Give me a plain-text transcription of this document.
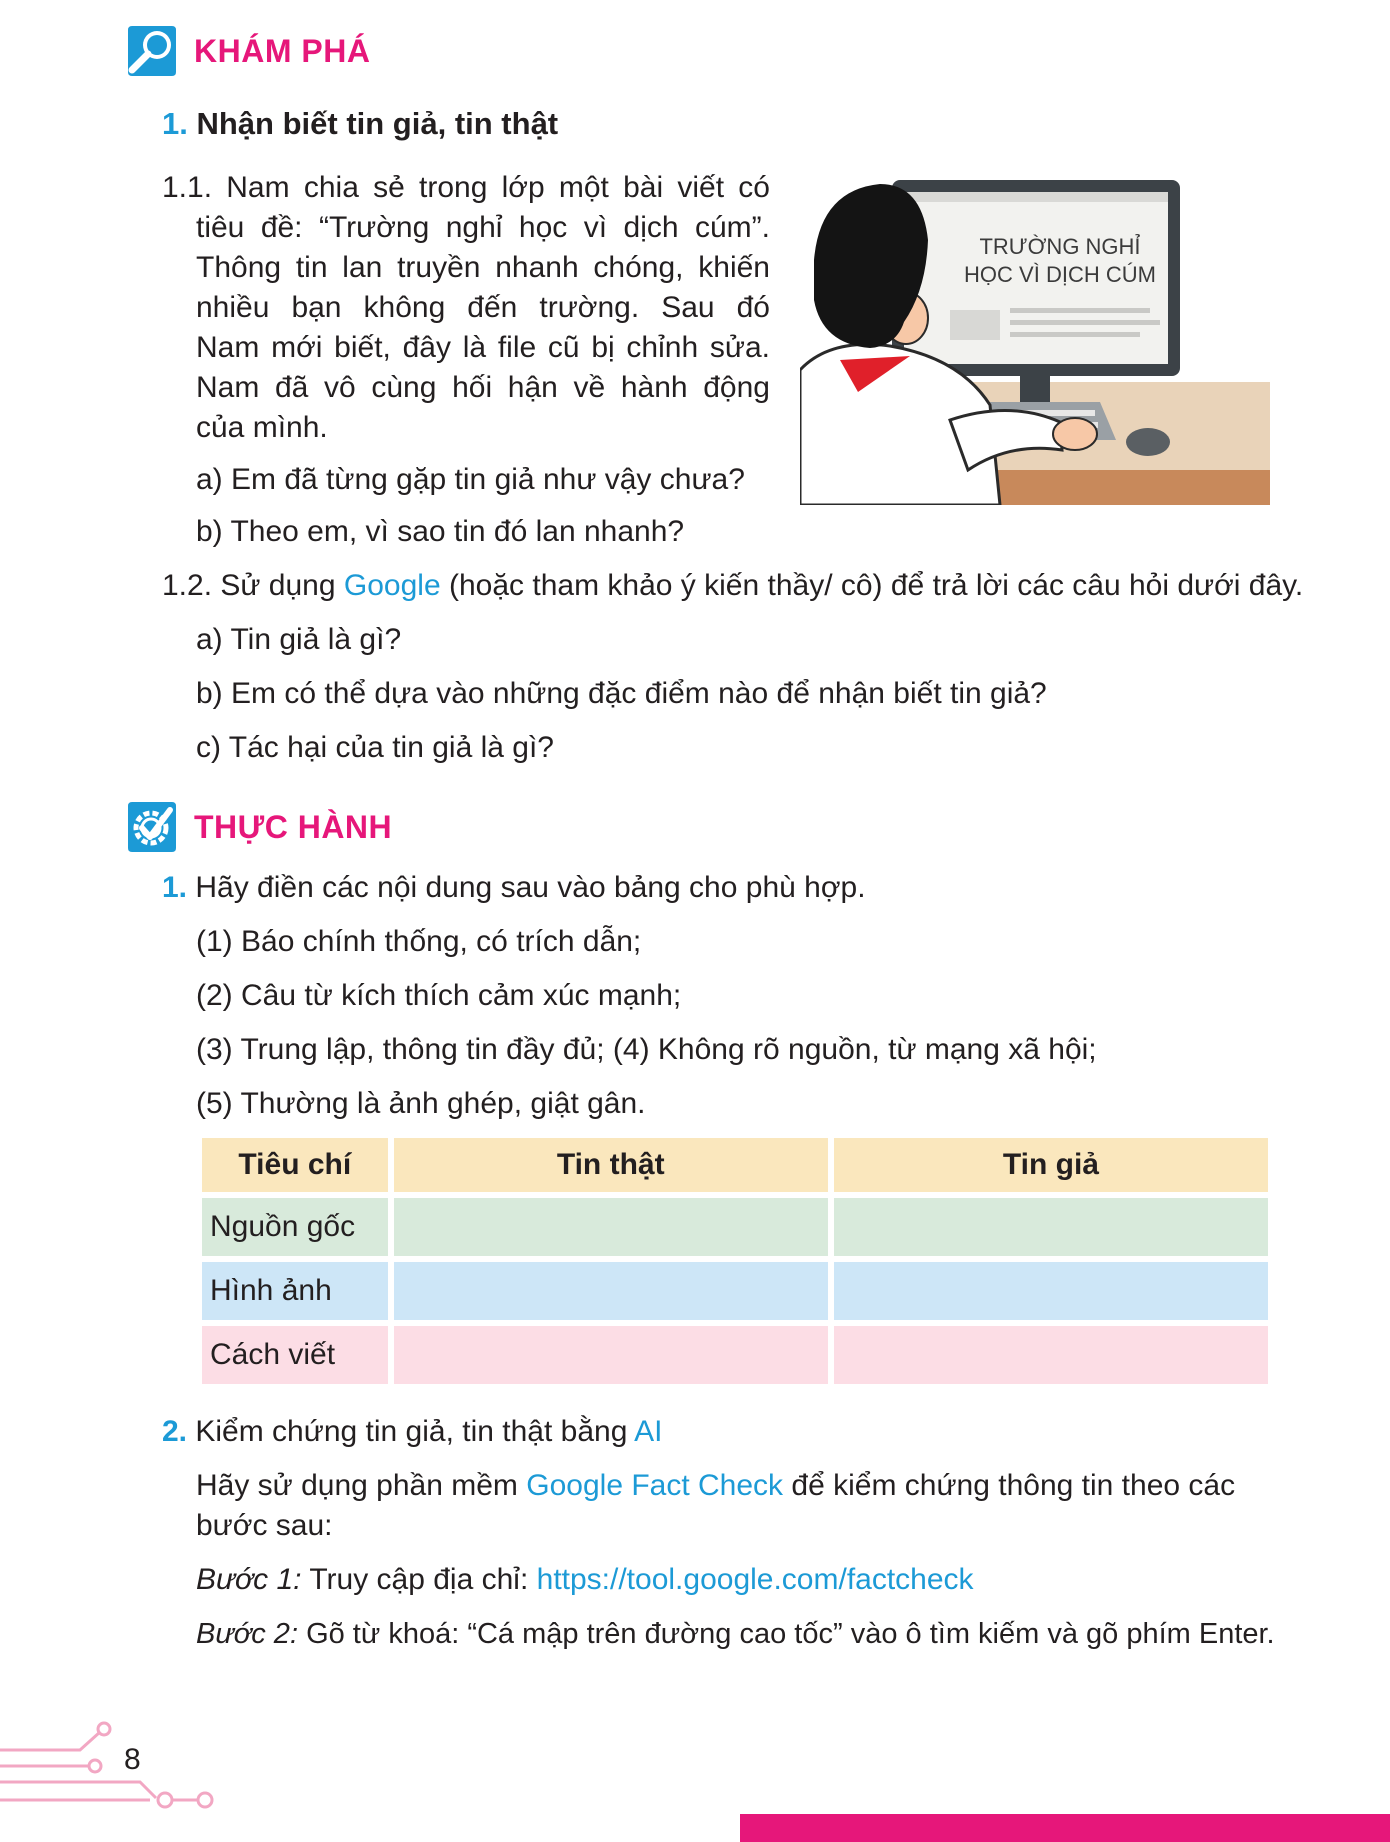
KHÁM PHÁ
1. Nhận biết tin giả, tin thật
1.1. Nam chia sẻ trong lớp một bài viết có
tiêu đề: “Trường nghỉ học vì dịch cúm”.
Thông tin lan truyền nhanh chóng, khiến
nhiều bạn không đến trường. Sau đó
Nam mới biết, đây là file cũ bị chỉnh sửa.
Nam đã vô cùng hối hận về hành động
của mình.
a) Em đã từng gặp tin giả như vậy chưa?
b) Theo em, vì sao tin đó lan nhanh?
TRƯỜNG NGHỈ
HỌC VÌ DỊCH CÚM
1.2. Sử dụng Google (hoặc tham khảo ý kiến thầy/ cô) để trả lời các câu hỏi dưới đây.
a) Tin giả là gì?
b) Em có thể dựa vào những đặc điểm nào để nhận biết tin giả?
c) Tác hại của tin giả là gì?
THỰC HÀNH
1. Hãy điền các nội dung sau vào bảng cho phù hợp.
(1) Báo chính thống, có trích dẫn;
(2) Câu từ kích thích cảm xúc mạnh;
(3) Trung lập, thông tin đầy đủ; (4) Không rõ nguồn, từ mạng xã hội;
(5) Thường là ảnh ghép, giật gân.
Tiêu chí	Tin thật	Tin giả
Nguồn gốc		
Hình ảnh		
Cách viết		
2. Kiểm chứng tin giả, tin thật bằng AI
Hãy sử dụng phần mềm Google Fact Check để kiểm chứng thông tin theo các
bước sau:
Bước 1: Truy cập địa chỉ: https://tool.google.com/factcheck
Bước 2: Gõ từ khoá: “Cá mập trên đường cao tốc” vào ô tìm kiếm và gõ phím Enter.
8
